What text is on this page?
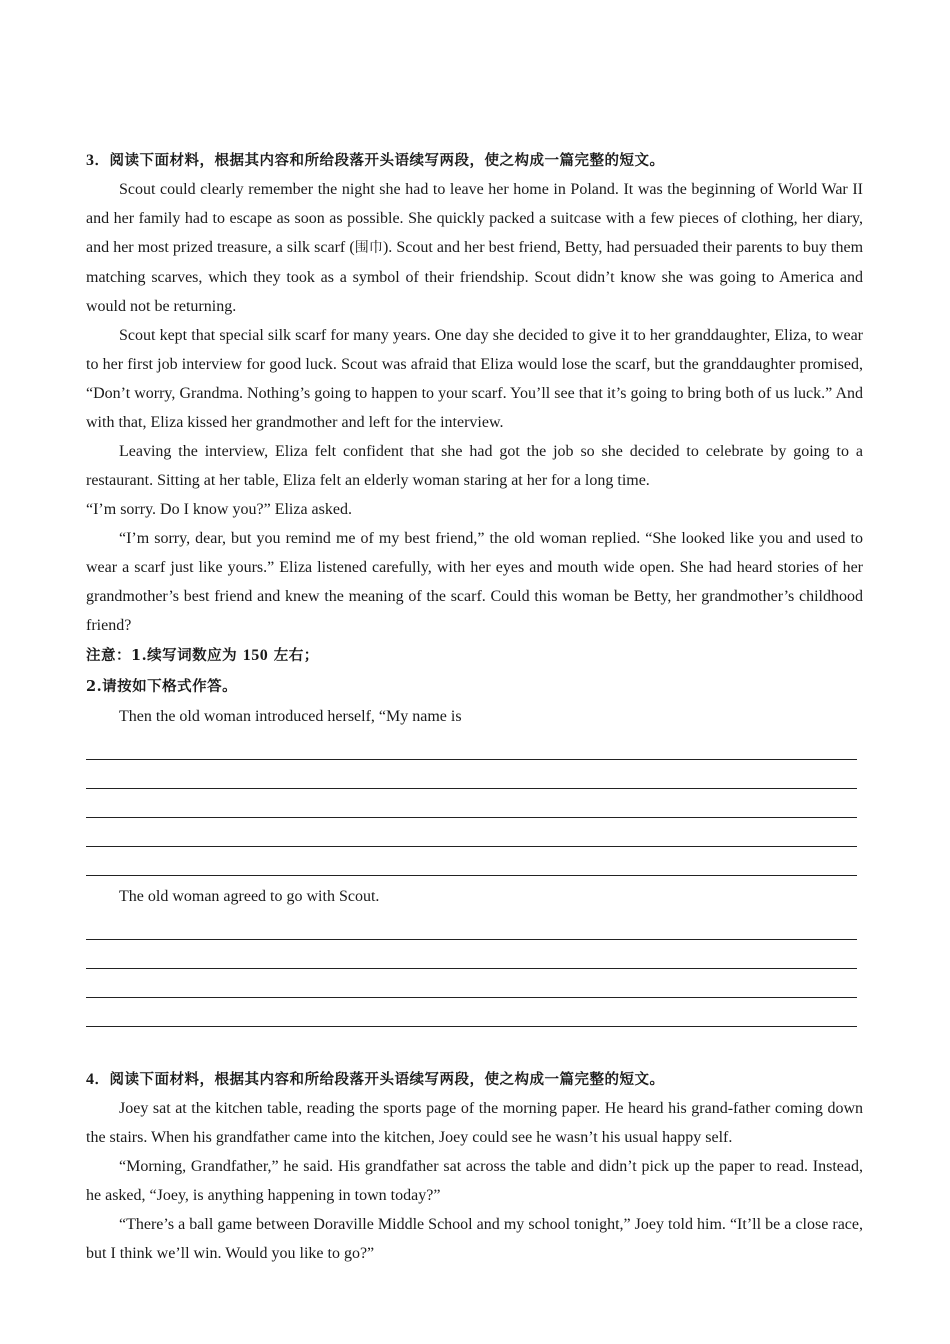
3．阅读下面材料，根据其内容和所给段落开头语续写两段，使之构成一篇完整的短文。

Scout could clearly remember the night she had to leave her home in Poland. It was the beginning of World War II and her family had to escape as soon as possible. She quickly packed a suitcase with a few pieces of clothing, her diary, and her most prized treasure, a silk scarf (围巾). Scout and her best friend, Betty, had persuaded their parents to buy them matching scarves, which they took as a symbol of their friendship. Scout didn’t know she was going to America and would not be returning.

Scout kept that special silk scarf for many years. One day she decided to give it to her granddaughter, Eliza, to wear to her first job interview for good luck. Scout was afraid that Eliza would lose the scarf, but the granddaughter promised, “Don’t worry, Grandma. Nothing’s going to happen to your scarf. You’ll see that it’s going to bring both of us luck.” And with that, Eliza kissed her grandmother and left for the interview.

Leaving the interview, Eliza felt confident that she had got the job so she decided to celebrate by going to a restaurant. Sitting at her table, Eliza felt an elderly woman staring at her for a long time.

“I’m sorry. Do I know you?” Eliza asked.

“I’m sorry, dear, but you remind me of my best friend,” the old woman replied. “She looked like you and used to wear a scarf just like yours.” Eliza listened carefully, with her eyes and mouth wide open. She had heard stories of her grandmother’s best friend and knew the meaning of the scarf. Could this woman be Betty, her grandmother’s childhood friend?

注意：1.续写词数应为 150 左右；
2.请按如下格式作答。

Then the old woman introduced herself, “My name is

The old woman agreed to go with Scout.

4．阅读下面材料，根据其内容和所给段落开头语续写两段，使之构成一篇完整的短文。

Joey sat at the kitchen table, reading the sports page of the morning paper. He heard his grand-father coming down the stairs. When his grandfather came into the kitchen, Joey could see he wasn’t his usual happy self.

“Morning, Grandfather,” he said. His grandfather sat across the table and didn’t pick up the paper to read. Instead, he asked, “Joey, is anything happening in town today?”

“There’s a ball game between Doraville Middle School and my school tonight,” Joey told him. “It’ll be a close race, but I think we’ll win. Would you like to go?”
